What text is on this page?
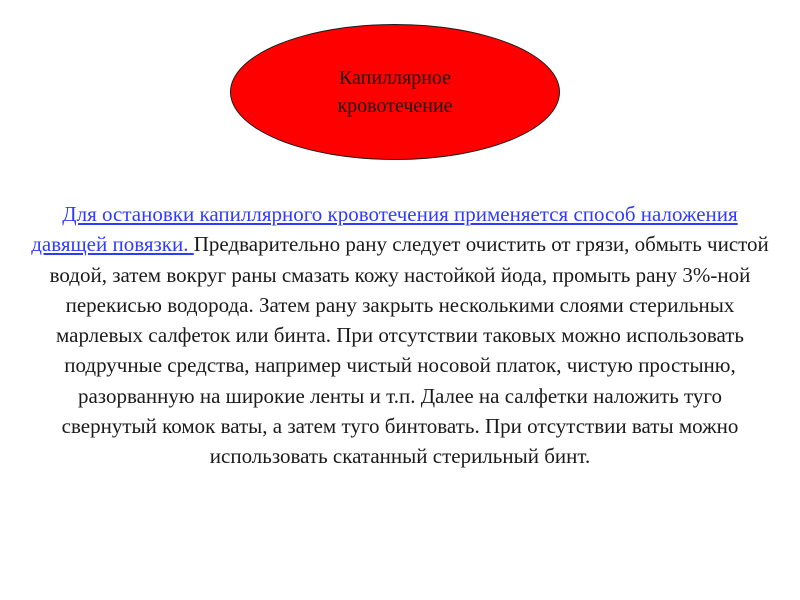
Капиллярное кровотечение

Для остановки капиллярного кровотечения применяется способ наложения давящей повязки. Предварительно рану следует очистить от грязи, обмыть чистой водой, затем вокруг раны смазать кожу настойкой йода, промыть рану 3%-ной перекисью водорода. Затем рану закрыть несколькими слоями стерильных марлевых салфеток или бинта. При отсутствии таковых можно использовать подручные средства, например чистый носовой платок, чистую простыню, разорванную на широкие ленты и т.п. Далее на салфетки наложить туго свернутый комок ваты, а затем туго бинтовать. При отсутствии ваты можно использовать скатанный стерильный бинт.
